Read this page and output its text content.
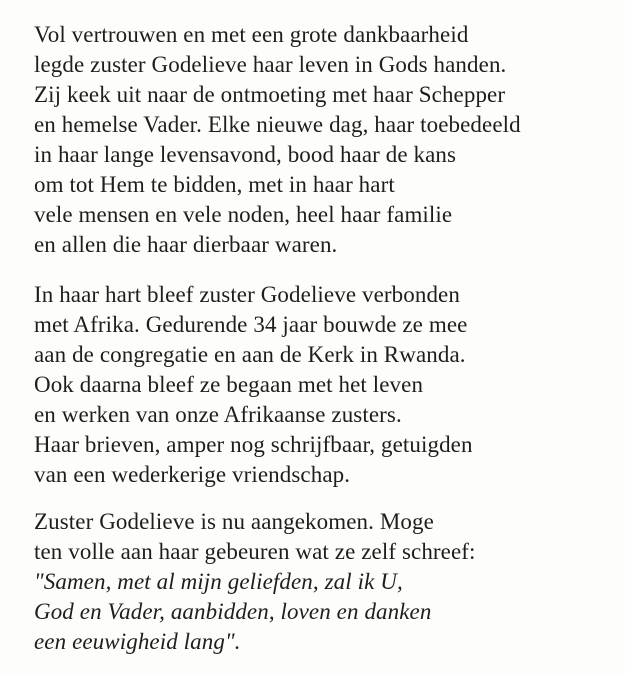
Vol vertrouwen en met een grote dankbaarheid
legde zuster Godelieve haar leven in Gods handen.
Zij keek uit naar de ontmoeting met haar Schepper
en hemelse Vader. Elke nieuwe dag, haar toebedeeld
in haar lange levensavond, bood haar de kans
om tot Hem te bidden, met in haar hart
vele mensen en vele noden, heel haar familie
en allen die haar dierbaar waren.
In haar hart bleef zuster Godelieve verbonden
met Afrika. Gedurende 34 jaar bouwde ze mee
aan de congregatie en aan de Kerk in Rwanda.
Ook daarna bleef ze begaan met het leven
en werken van onze Afrikaanse zusters.
Haar brieven, amper nog schrijfbaar, getuigden
van een wederkerige vriendschap.
Zuster Godelieve is nu aangekomen. Moge
ten volle aan haar gebeuren wat ze zelf schreef:
"Samen, met al mijn geliefden, zal ik U,
God en Vader, aanbidden, loven en danken
een eeuwigheid lang".
